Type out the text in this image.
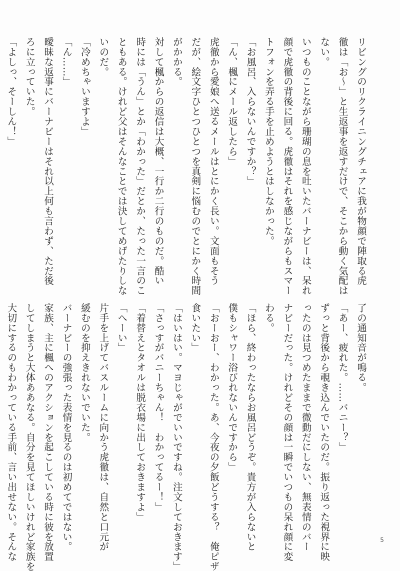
リビングのリクライニングチェアに我が物顔で陣取る虎

徹は「お〜」と生返事を返すだけで、そこから動く気配は

ない。

いつものことながら珊瑚の息を吐いたバーナビーは、呆れ

顔で虎徹の背後に回る。虎徹はそれを感じながらもスマー

トフォンを弄る手を止めようとはしなかった。

「お風呂、入らないんですか？」

「ん、楓にメール返したら」

虎徹から愛娘へ送るメールはとにかく長い。文面もそう

だが、絵文字ひとつひとつを真剣に悩むのでとにかく時間

がかかる。

対して楓からの返信は大概、一行か二行のものだ。酷い

時には「うん」とか「わかった」だとか、たった一言のこ

ともある。けれど父はそんなことでは決してめげたりしな

いのだ。

「冷めちゃいますよ」

「ん……」

曖昧な返事にバーナビーはそれ以上何も言わず、ただ後

ろに立っていた。

「よしっ、そーしん！」

了の通知音が鳴る。

「あー、疲れた。……バニー？」

ずっと背後から覗き込んでいたのだ。振り返った視界に映

ったのは見つめたままで微動だにしない、無表情のバー

ナビーだった。けれどその顔は一瞬でいつもの呆れ顔に変

わる。

「ほら、終わったならお風呂どうぞ。貴方が入らないと

僕もシャワー浴びれないんですから」

「おーおー、わかった。あ、今夜の夕飯どうする？　俺ピザ

食いたい」

「はいはい。マヨじゃがでいいですね。注文しておきます」

「さっすがバニーちゃん！　わかってるー！」

「着替えとタオルは脱衣場に出しておきますよ」

「へーい」

片手を上げてバスルームに向かう虎徹は、自然と口元が

緩むのを抑えきれないでいた。

バーナビーの強張った表情を見るのは初めてではない。

家族、主に楓へのアクションを起こしている時に彼を放置

してしまうと大体ああなる。自分を見てほしいけれど家族を

大切にするのもわかっている手前、言い出せない。そんな	5
